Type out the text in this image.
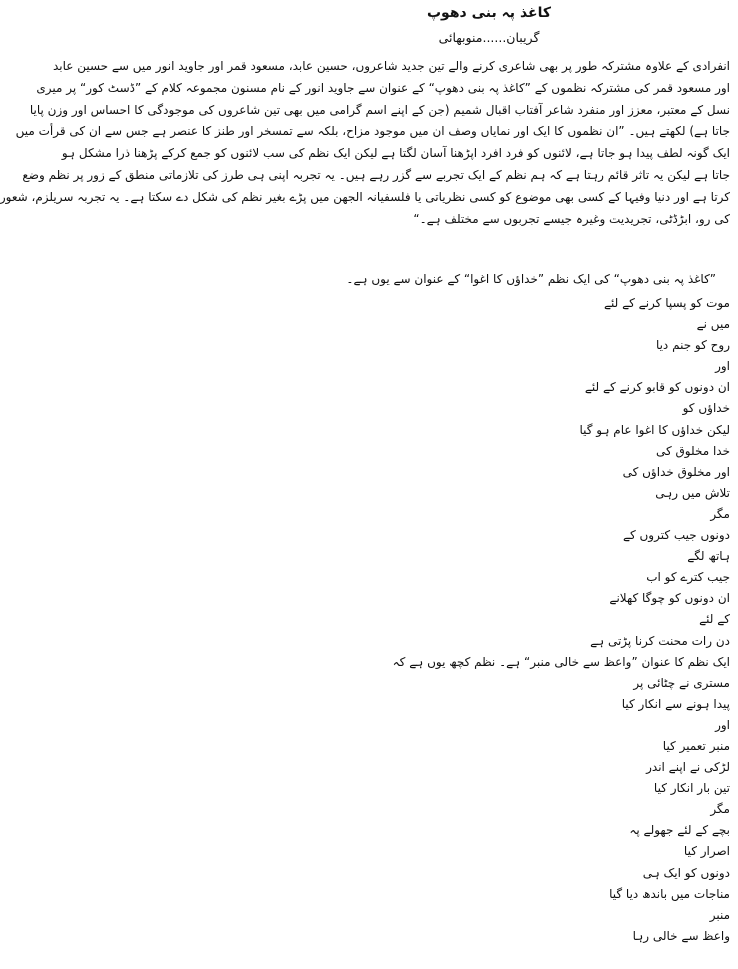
کاغذ پہ بنی دھوپ
گریبان......منوبھائی
انفرادی کے علاوہ مشترکہ طور پر بھی شاعری کرنے والے تین جدید شاعروں، حسین عابد، مسعود قمر اور جاوید انور میں سے حسین عابد
اور مسعود قمر کی مشترکہ نظموں کے ”کاغذ پہ بنی دھوپ“ کے عنوان سے جاوید انور کے نام مسنون مجموعہ کلام کے ”ڈسٹ کور“ پر میری
نسل کے معتبر، معزز اور منفرد شاعر آفتاب اقبال شمیم (جن کے اپنے اسم گرامی میں بھی تین شاعروں کی موجودگی کا احساس اور وزن پایا
جاتا ہے) لکھتے ہیں۔ ”ان نظموں کا ایک اور نمایاں وصف ان میں موجود مزاح، بلکہ سے تمسخر اور طنز کا عنصر ہے جس سے ان کی قرأت میں
ایک گونہ لطف پیدا ہو جاتا ہے، لائنوں کو فرد افرد اپڑھنا آسان لگتا ہے لیکن ایک نظم کی سب لائنوں کو جمع کرکے پڑھنا ذرا مشکل ہو
جاتا ہے لیکن یہ تاثر قائم رہتا ہے کہ ہم نظم کے ایک تجربے سے گزر رہے ہیں۔ یہ تجربہ اپنی ہی طرز کی تلازماتی منطق کے زور پر نظم وضع
کرتا ہے اور دنیا وفیہا کے کسی بھی موضوع کو کسی نظریاتی یا فلسفیانہ الجھن میں پڑے بغیر نظم کی شکل دے سکتا ہے۔ یہ تجربہ سریلزم، شعور
کی رو، ابڑڈٹی، تجریدیت وغیرہ جیسے تجربوں سے مختلف ہے۔“
”کاغذ پہ بنی دھوپ“ کی ایک نظم ”خداؤں کا اغوا“ کے عنوان سے یوں ہے۔
موت کو پسپا کرنے کے لئے
میں نے
روح کو جنم دیا
اور
ان دونوں کو قابو کرنے کے لئے
خداؤں کو
لیکن خداؤں کا اغوا عام ہو گیا
خدا مخلوق کی
اور مخلوق خداؤں کی
تلاش میں رہی
مگر
دونوں جیب کتروں کے
ہاتھ لگے
جیب کترے کو اب
ان دونوں کو چوگا کھلانے
کے لئے
دن رات محنت کرنا پڑتی ہے
ایک نظم کا عنوان ”واعظ سے خالی منبر“ ہے۔ نظم کچھ یوں ہے کہ
مستری نے چٹائی پر
پیدا ہونے سے انکار کیا
اور
منبر تعمیر کیا
لڑکی نے اپنے اندر
تین بار انکار کیا
مگر
بچے کے لئے جھولے پہ
اصرار کیا
دونوں کو ایک ہی
مناجات میں باندھ دیا گیا
منبر
واعظ سے خالی رہا
